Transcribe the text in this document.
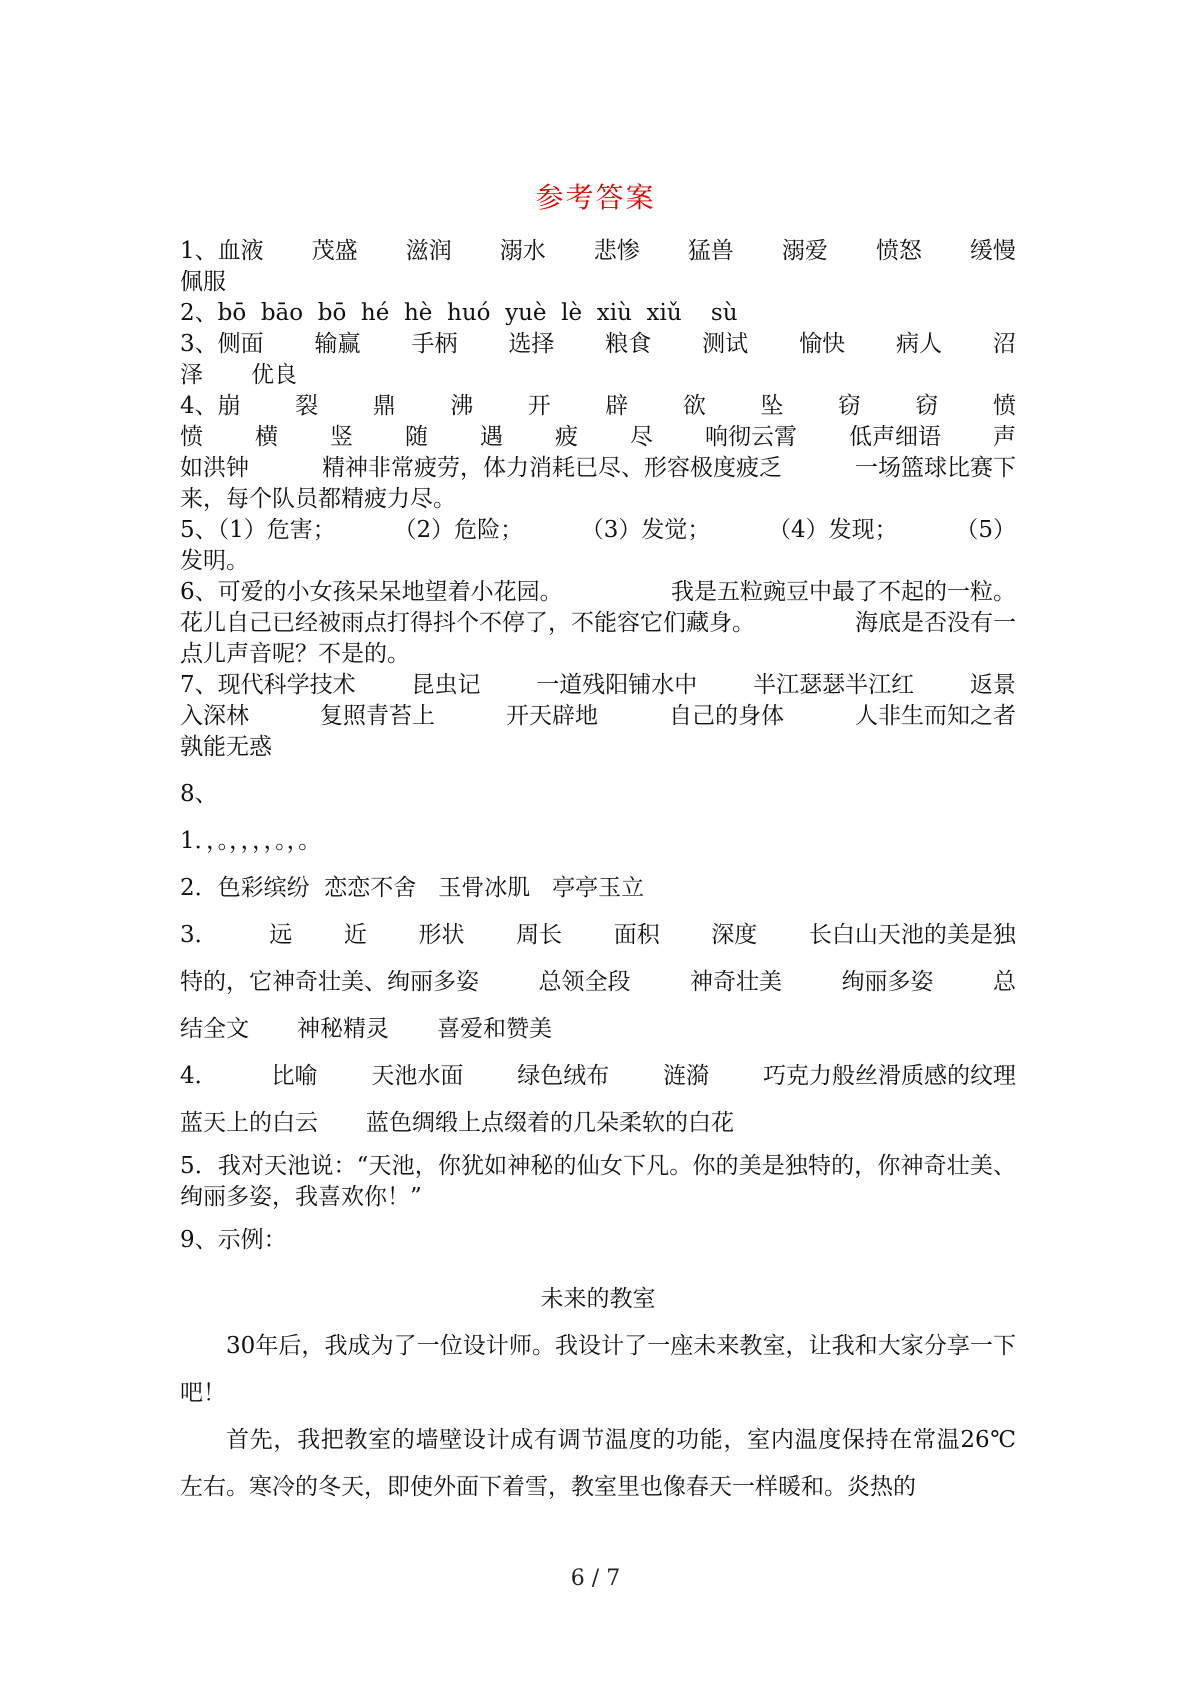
参考答案
1、血液 茂盛 滋润 溺水 悲惨 猛兽 溺爱 愤怒 缓慢

佩服

2、bō  bāo  bō  hé  hè  huó  yuè  lè  xiù  xiǔ    sù

3、侧面 输赢 手柄 选择 粮食 测试 愉快 病人 沼

泽 优良

4、崩 裂 鼎 沸 开 辟 欲 坠 窃 窃 愤
愤 横 竖 随 遇 疲 尽 响彻云霄 低声细语 声
如洪钟	精神非常疲劳，体力消耗已尽、形容极度疲乏	一场篮球比赛下

来，每个队员都精疲力尽。

5、（1）危害；	（2）危险；	（3）发觉；	（4）发现；	（5）

发明。

6、可爱的小女孩呆呆地望着小花园。	我是五粒豌豆中最了不起的一粒。
花儿自己已经被雨点打得抖个不停了，不能容它们藏身。	海底是否没有一

点儿声音呢？不是的。

7、现代科学技术 昆虫记 一道残阳铺水中 半江瑟瑟半江红 返景
入深林	复照青苔上	开天辟地	自己的身体	人非生而知之者

孰能无惑

8、

1．，。，，，，。，。

2．色彩缤纷  恋恋不舍   玉骨冰肌   亭亭玉立

3． 远 近 形状 周长 面积 深度 长白山天池的美是独
特的，它神奇壮美、绚丽多姿	总领全段	神奇壮美	绚丽多姿	总

结全文 神秘精灵 喜爱和赞美

4． 比喻 天池水面 绿色绒布 涟漪 巧克力般丝滑质感的纹理

蓝天上的白云 蓝色绸缎上点缀着的几朵柔软的白花

5．我对天池说：“天池，你犹如神秘的仙女下凡。你的美是独特的，你神奇壮美、绚丽多姿，我喜欢你！”

9、示例：

未来的教室

30年后，我成为了一位设计师。我设计了一座未来教室，让我和大家分享一下吧！

首先，我把教室的墙壁设计成有调节温度的功能，室内温度保持在常温26℃左右。寒冷的冬天，即使外面下着雪，教室里也像春天一样暖和。炎热的

6 / 7
